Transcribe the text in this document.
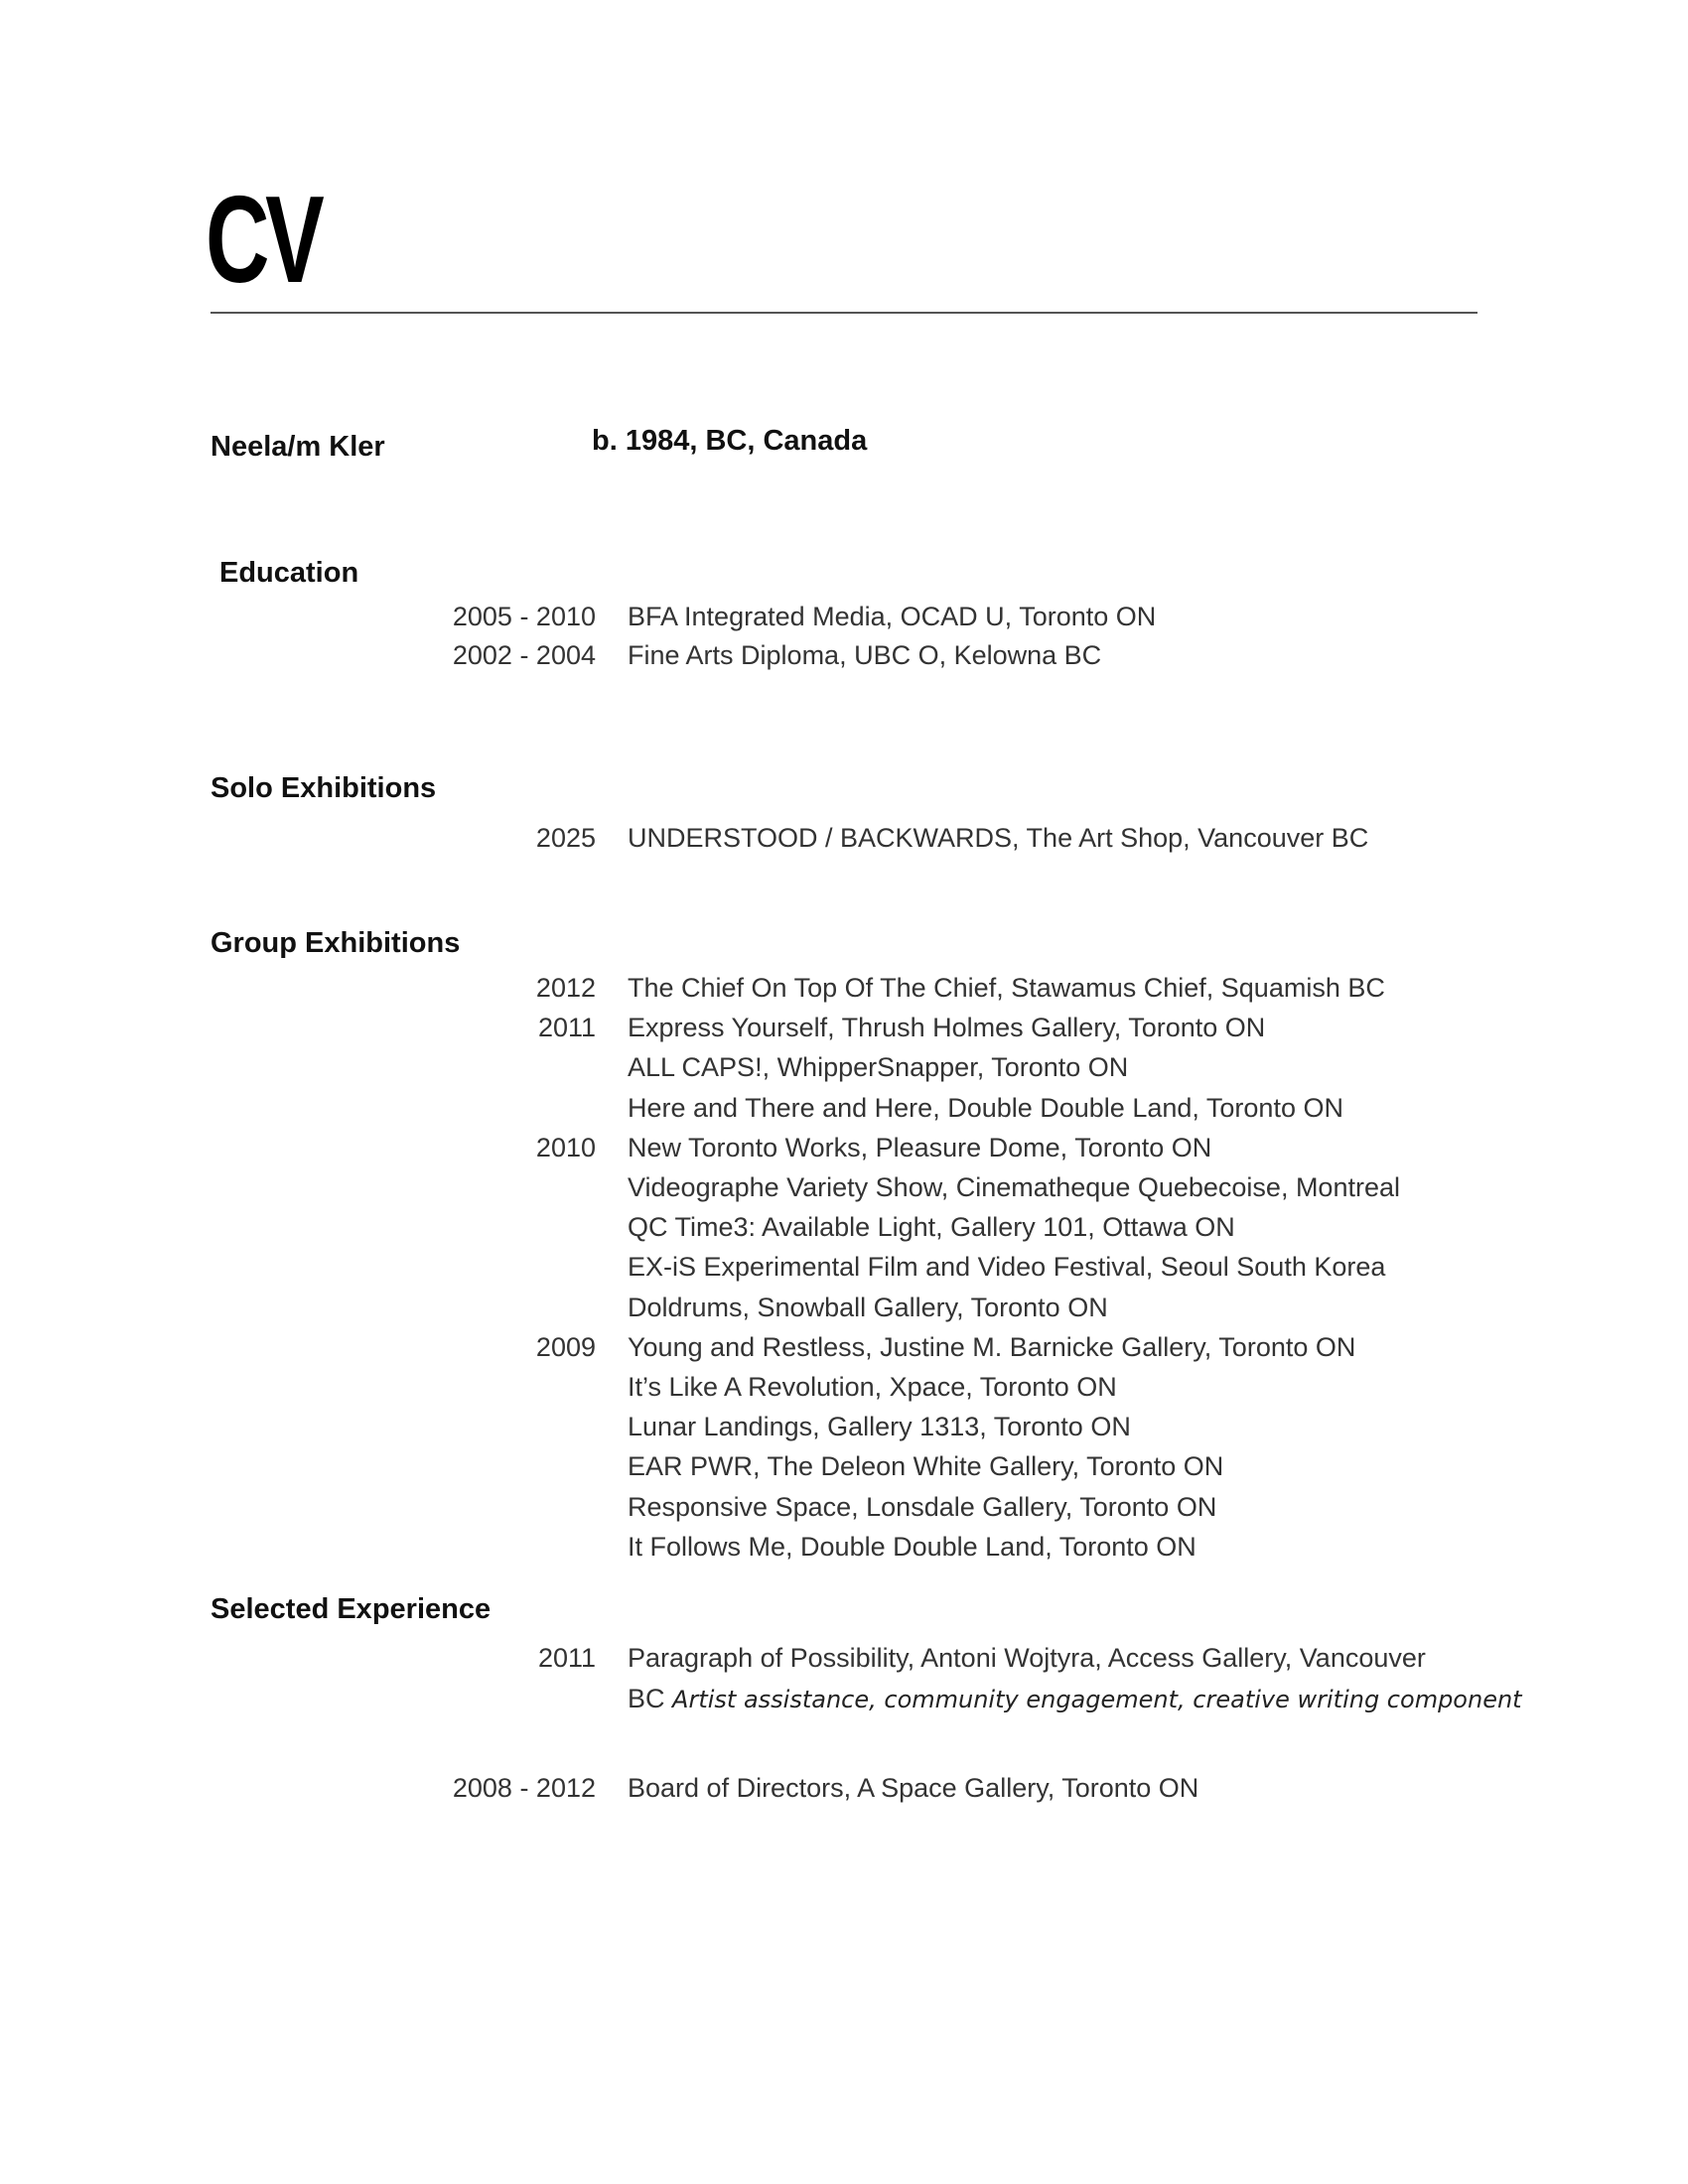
CV
Neela/m Kler	b. 1984, BC, Canada
Education
2005 - 2010 BFA Integrated Media, OCAD U, Toronto ON
2002 - 2004 Fine Arts Diploma, UBC O, Kelowna BC
Solo Exhibitions
2025 UNDERSTOOD / BACKWARDS, The Art Shop, Vancouver BC
Group Exhibitions
2012 The Chief On Top Of The Chief, Stawamus Chief, Squamish BC
2011 Express Yourself, Thrush Holmes Gallery, Toronto ON
ALL CAPS!, WhipperSnapper, Toronto ON
Here and There and Here, Double Double Land, Toronto ON
2010 New Toronto Works, Pleasure Dome, Toronto ON
Videographe Variety Show, Cinematheque Quebecoise, Montreal
QC Time3: Available Light, Gallery 101, Ottawa ON
EX-iS Experimental Film and Video Festival, Seoul South Korea
Doldrums, Snowball Gallery, Toronto ON
2009 Young and Restless, Justine M. Barnicke Gallery, Toronto ON
It’s Like A Revolution, Xpace, Toronto ON
Lunar Landings, Gallery 1313, Toronto ON
EAR PWR, The Deleon White Gallery, Toronto ON
Responsive Space, Lonsdale Gallery, Toronto ON
It Follows Me, Double Double Land, Toronto ON
Selected Experience
2011 Paragraph of Possibility, Antoni Wojtyra, Access Gallery, Vancouver
BC Artist assistance, community engagement, creative writing component
2008 - 2012 Board of Directors, A Space Gallery, Toronto ON
